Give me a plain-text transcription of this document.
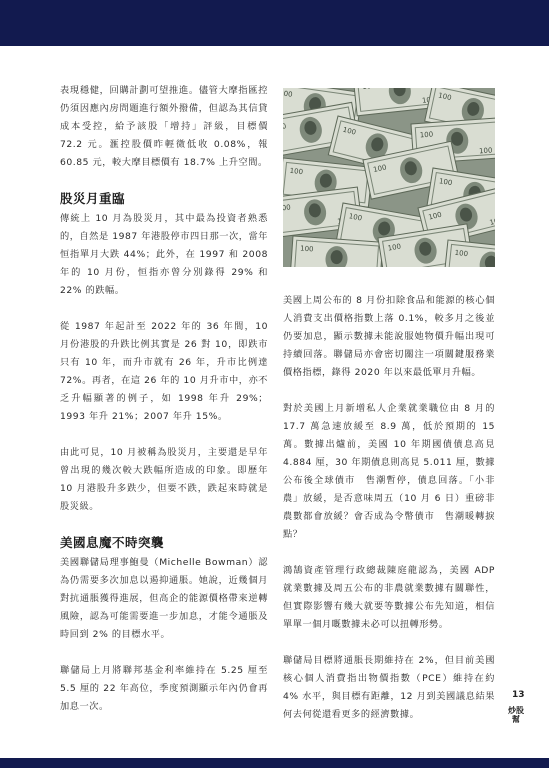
表現穩健，回購計劃可望推進。儘管大摩指匯控仍須因應內房問題進行額外撥備，但認為其信貸成本受控，給予該股「增持」評級，目標價 72.2 元。滙控股價昨輕微低收 0.08%，報 60.85 元，較大摩目標價有 18.7% 上升空間。

股災月重臨

傳統上 10 月為股災月，其中最為投資者熟悉的，自然是 1987 年港股停市四日那一次，當年恒指單月大跌 44%；此外，在 1997 和 2008 年的 10 月份，恒指亦曾分別錄得 29% 和 22% 的跌幅。

從 1987 年起計至 2022 年的 36 年間，10 月份港股的升跌比例其實是 26 對 10，即跌市只有 10 年，而升市就有 26 年，升市比例達 72%。再者，在這 26 年的 10 月升市中，亦不乏升幅顯著的例子，如 1998 年升 29%；1993 年升 21%；2007 年升 15%。

由此可見，10 月被稱為股災月，主要還是早年曾出現的幾次較大跌幅所造成的印象。即歷年 10 月港股升多跌少，但要不跌，跌起來時就是股災級。

美國息魔不時突襲

美國聯儲局理事鮑曼（Michelle Bowman）認為仍需要多次加息以遏抑通脹。她說，近幾個月對抗通脹獲得進展，但高企的能源價格帶來逆轉風險，認為可能需要進一步加息，才能令通脹及時回到 2% 的目標水平。

聯儲局上月將聯邦基金利率維持在 5.25 厘至 5.5 厘的 22 年高位，季度預測顯示年內仍會再加息一次。

美國上周公布的 8 月份扣除食品和能源的核心個人消費支出價格指數上落 0.1%，較多月之後並仍要加息，顯示數據未能說服她物價升幅出現可持續回落。聯儲局亦會密切關注一項關鍵服務業價格指標，錄得 2020 年以來最低單月升幅。

對於美國上月新增私人企業就業職位由 8 月的 17.7 萬急速放緩至 8.9 萬，低於預期的 15 萬。數據出爐前，美國 10 年期國債債息高見 4.884 厘，30 年期債息則高見 5.011 厘，數據公布後全球債市　售潮暫停，債息回落。「小非農」放緩，是否意味周五（10 月 6 日）重磅非農數都會放緩？會否成為令幣債市　售潮暖轉捩點？

鴻鵠資產管理行政總裁陳庭龍認為，美國 ADP 就業數據及周五公布的非農就業數據有關聯性，但實際影響有幾大就要等數據公布先知道，相信單單一個月嘅數據未必可以扭轉形勢。

聯儲局目標將通脹長期維持在 2%，但目前美國核心個人消費指出物價指數（PCE）維持在約 4% 水平，與目標有距離，12 月到美國議息結果何去何從還看更多的經濟數據。

13
炒股幫
